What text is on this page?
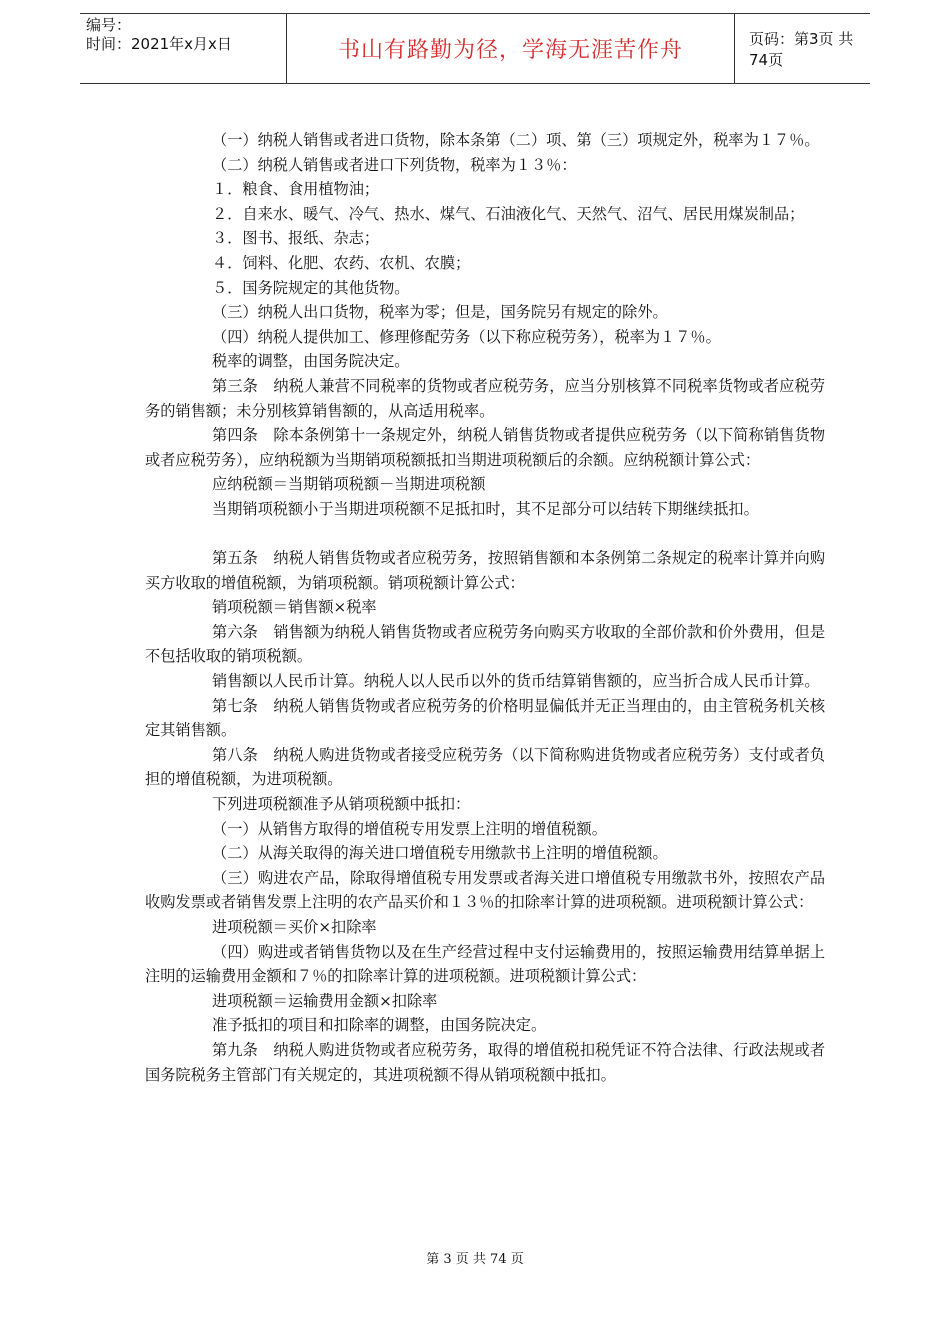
编号：
时间：2021年x月x日	书山有路勤为径，学海无涯苦作舟	页码：第3页 共74页

（一）纳税人销售或者进口货物，除本条第（二）项、第（三）项规定外，税率为１７％。

（二）纳税人销售或者进口下列货物，税率为１３％：

１．粮食、食用植物油；

２．自来水、暖气、冷气、热水、煤气、石油液化气、天然气、沼气、居民用煤炭制品；

３．图书、报纸、杂志；

４．饲料、化肥、农药、农机、农膜；

５．国务院规定的其他货物。

（三）纳税人出口货物，税率为零；但是，国务院另有规定的除外。

（四）纳税人提供加工、修理修配劳务（以下称应税劳务），税率为１７％。

税率的调整，由国务院决定。

第三条　纳税人兼营不同税率的货物或者应税劳务，应当分别核算不同税率货物或者应税劳务的销售额；未分别核算销售额的，从高适用税率。

第四条　除本条例第十一条规定外，纳税人销售货物或者提供应税劳务（以下简称销售货物或者应税劳务），应纳税额为当期销项税额抵扣当期进项税额后的余额。应纳税额计算公式：

应纳税额＝当期销项税额－当期进项税额

当期销项税额小于当期进项税额不足抵扣时，其不足部分可以结转下期继续抵扣。

第五条　纳税人销售货物或者应税劳务，按照销售额和本条例第二条规定的税率计算并向购买方收取的增值税额，为销项税额。销项税额计算公式：

销项税额＝销售额×税率

第六条　销售额为纳税人销售货物或者应税劳务向购买方收取的全部价款和价外费用，但是不包括收取的销项税额。

销售额以人民币计算。纳税人以人民币以外的货币结算销售额的，应当折合成人民币计算。

第七条　纳税人销售货物或者应税劳务的价格明显偏低并无正当理由的，由主管税务机关核定其销售额。

第八条　纳税人购进货物或者接受应税劳务（以下简称购进货物或者应税劳务）支付或者负担的增值税额，为进项税额。

下列进项税额准予从销项税额中抵扣：

（一）从销售方取得的增值税专用发票上注明的增值税额。

（二）从海关取得的海关进口增值税专用缴款书上注明的增值税额。

（三）购进农产品，除取得增值税专用发票或者海关进口增值税专用缴款书外，按照农产品收购发票或者销售发票上注明的农产品买价和１３％的扣除率计算的进项税额。进项税额计算公式：

进项税额＝买价×扣除率

（四）购进或者销售货物以及在生产经营过程中支付运输费用的，按照运输费用结算单据上注明的运输费用金额和７％的扣除率计算的进项税额。进项税额计算公式：

进项税额＝运输费用金额×扣除率

准予抵扣的项目和扣除率的调整，由国务院决定。

第九条　纳税人购进货物或者应税劳务，取得的增值税扣税凭证不符合法律、行政法规或者国务院税务主管部门有关规定的，其进项税额不得从销项税额中抵扣。

第 3 页 共 74 页
